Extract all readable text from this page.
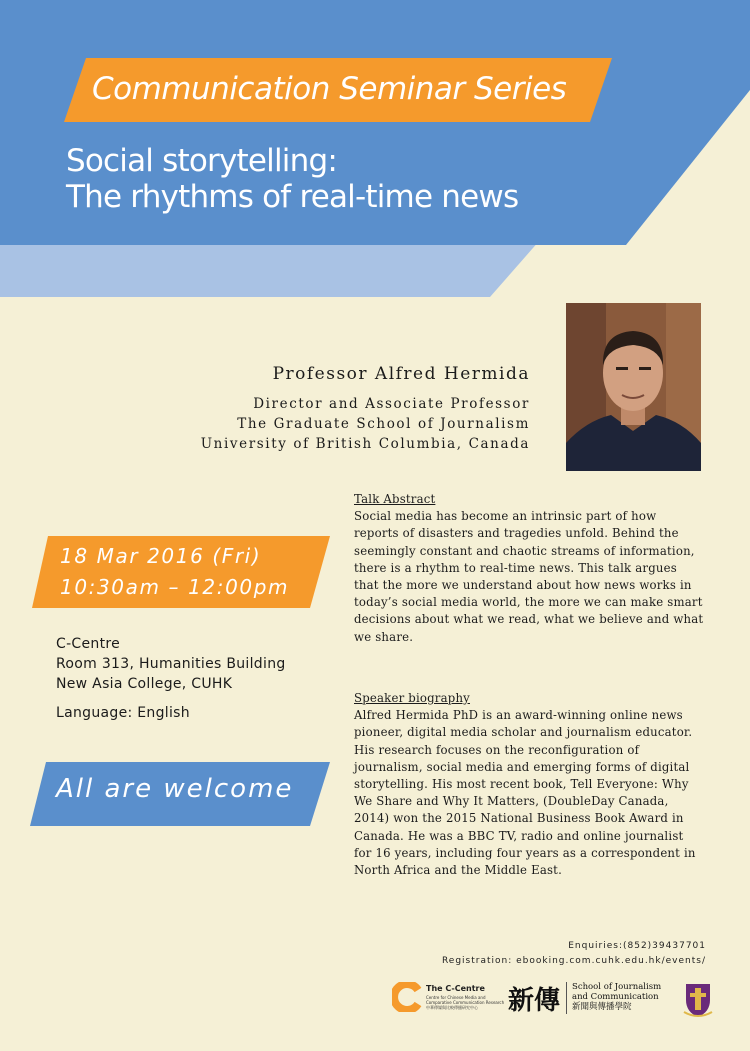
Communication Seminar Series
Social storytelling:
The rhythms of real-time news
Professor Alfred Hermida
Director and Associate Professor
The Graduate School of Journalism
University of British Columbia, Canada
18 Mar 2016 (Fri)
10:30am – 12:00pm
C-Centre
Room 313, Humanities Building
New Asia College, CUHK
Language: English
All are welcome
Talk Abstract
Social media has become an intrinsic part of how reports of disasters and tragedies unfold. Behind the seemingly constant and chaotic streams of information, there is a rhythm to real-time news. This talk argues that the more we understand about how news works in today’s social media world, the more we can make smart decisions about what we read, what we believe and what we share.
Speaker biography
Alfred Hermida PhD is an award-winning online news pioneer, digital media scholar and journalism educator. His research focuses on the reconfiguration of journalism, social media and emerging forms of digital storytelling. His most recent book, Tell Everyone: Why We Share and Why It Matters, (DoubleDay Canada, 2014) won the 2015 National Business Book Award in Canada. He was a BBC TV, radio and online journalist for 16 years, including four years as a correspondent in North Africa and the Middle East.
Enquiries:(852)39437701
Registration: ebooking.com.cuhk.edu.hk/events/
The C-Centre
Centre for Chinese Media and
Comparative Communication Research
中華傳媒與比較傳播研究中心	新傳 School of Journalism
and Communication
新聞與傳播學院
